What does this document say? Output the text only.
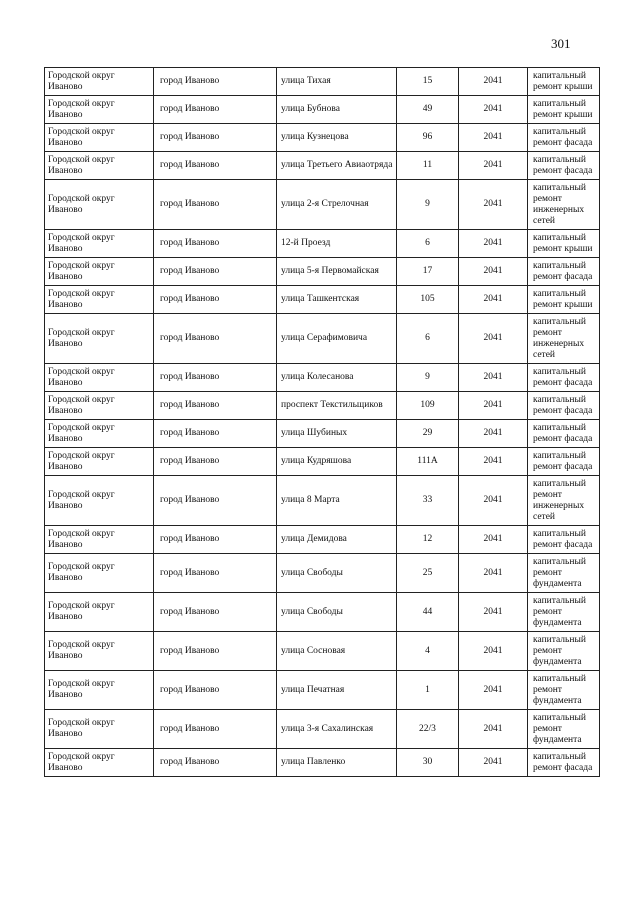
301
Городской округ Иваново	город Иваново	улица Тихая	15	2041	капитальный ремонт крыши
Городской округ Иваново	город Иваново	улица Бубнова	49	2041	капитальный ремонт крыши
Городской округ Иваново	город Иваново	улица Кузнецова	96	2041	капитальный ремонт фасада
Городской округ Иваново	город Иваново	улица Третьего Авиаотряда	11	2041	капитальный ремонт фасада
Городской округ Иваново	город Иваново	улица 2-я Стрелочная	9	2041	капитальный ремонт инженерных сетей
Городской округ Иваново	город Иваново	12-й Проезд	6	2041	капитальный ремонт крыши
Городской округ Иваново	город Иваново	улица 5-я Первомайская	17	2041	капитальный ремонт фасада
Городской округ Иваново	город Иваново	улица Ташкентская	105	2041	капитальный ремонт крыши
Городской округ Иваново	город Иваново	улица Серафимовича	6	2041	капитальный ремонт инженерных сетей
Городской округ Иваново	город Иваново	улица Колесанова	9	2041	капитальный ремонт фасада
Городской округ Иваново	город Иваново	проспект Текстильщиков	109	2041	капитальный ремонт фасада
Городской округ Иваново	город Иваново	улица Шубиных	29	2041	капитальный ремонт фасада
Городской округ Иваново	город Иваново	улица Кудряшова	111А	2041	капитальный ремонт фасада
Городской округ Иваново	город Иваново	улица 8 Марта	33	2041	капитальный ремонт инженерных сетей
Городской округ Иваново	город Иваново	улица Демидова	12	2041	капитальный ремонт фасада
Городской округ Иваново	город Иваново	улица Свободы	25	2041	капитальный ремонт фундамента
Городской округ Иваново	город Иваново	улица Свободы	44	2041	капитальный ремонт фундамента
Городской округ Иваново	город Иваново	улица Сосновая	4	2041	капитальный ремонт фундамента
Городской округ Иваново	город Иваново	улица Печатная	1	2041	капитальный ремонт фундамента
Городской округ Иваново	город Иваново	улица 3-я Сахалинская	22/3	2041	капитальный ремонт фундамента
Городской округ Иваново	город Иваново	улица Павленко	30	2041	капитальный ремонт фасада
